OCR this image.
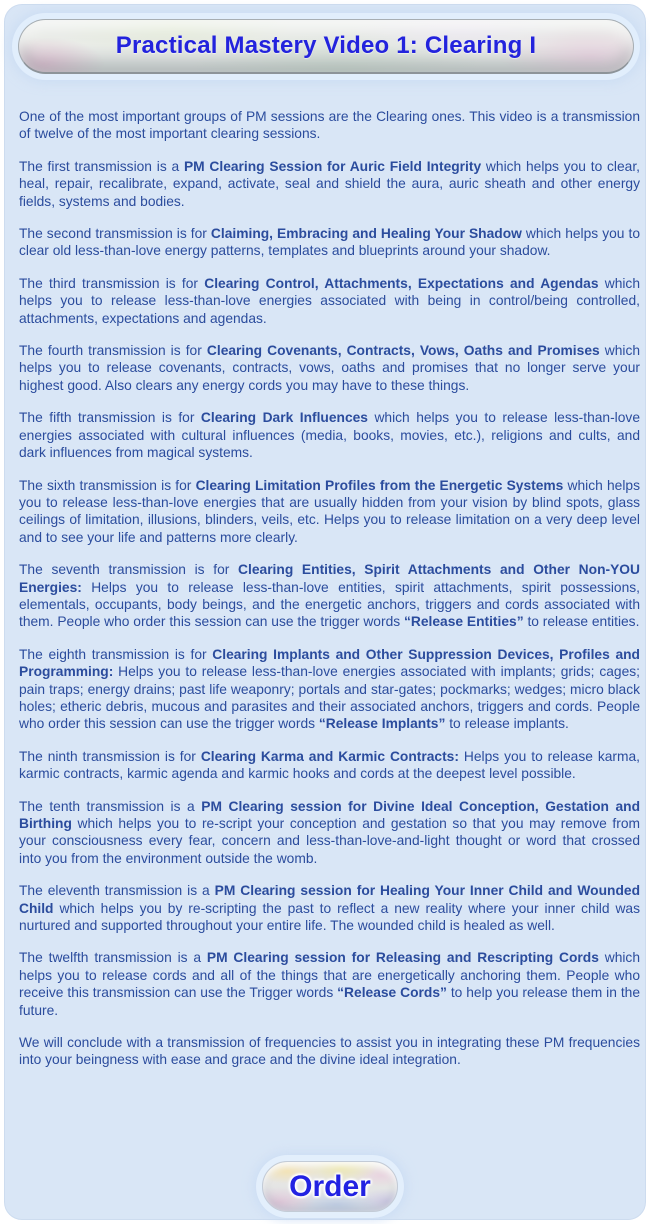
Practical Mastery Video 1: Clearing I

One of the most important groups of PM sessions are the Clearing ones. This video is a transmission of twelve of the most important clearing sessions.

The first transmission is a PM Clearing Session for Auric Field Integrity which helps you to clear, heal, repair, recalibrate, expand, activate, seal and shield the aura, auric sheath and other energy fields, systems and bodies.

The second transmission is for Claiming, Embracing and Healing Your Shadow which helps you to clear old less-than-love energy patterns, templates and blueprints around your shadow.

The third transmission is for Clearing Control, Attachments, Expectations and Agendas which helps you to release less-than-love energies associated with being in control/being controlled, attachments, expectations and agendas.

The fourth transmission is for Clearing Covenants, Contracts, Vows, Oaths and Promises which helps you to release covenants, contracts, vows, oaths and promises that no longer serve your highest good. Also clears any energy cords you may have to these things.

The fifth transmission is for Clearing Dark Influences which helps you to release less-than-love energies associated with cultural influences (media, books, movies, etc.), religions and cults, and dark influences from magical systems.

The sixth transmission is for Clearing Limitation Profiles from the Energetic Systems which helps you to release less-than-love energies that are usually hidden from your vision by blind spots, glass ceilings of limitation, illusions, blinders, veils, etc. Helps you to release limitation on a very deep level and to see your life and patterns more clearly.

The seventh transmission is for Clearing Entities, Spirit Attachments and Other Non-YOU Energies: Helps you to release less-than-love entities, spirit attachments, spirit possessions, elementals, occupants, body beings, and the energetic anchors, triggers and cords associated with them. People who order this session can use the trigger words “Release Entities” to release entities.

The eighth transmission is for Clearing Implants and Other Suppression Devices, Profiles and Programming: Helps you to release less-than-love energies associated with implants; grids; cages; pain traps; energy drains; past life weaponry; portals and star-gates; pockmarks; wedges; micro black holes; etheric debris, mucous and parasites and their associated anchors, triggers and cords. People who order this session can use the trigger words “Release Implants” to release implants.

The ninth transmission is for Clearing Karma and Karmic Contracts: Helps you to release karma, karmic contracts, karmic agenda and karmic hooks and cords at the deepest level possible.

The tenth transmission is a PM Clearing session for Divine Ideal Conception, Gestation and Birthing which helps you to re-script your conception and gestation so that you may remove from your consciousness every fear, concern and less-than-love-and-light thought or word that crossed into you from the environment outside the womb.

The eleventh transmission is a PM Clearing session for Healing Your Inner Child and Wounded Child which helps you by re-scripting the past to reflect a new reality where your inner child was nurtured and supported throughout your entire life. The wounded child is healed as well.

The twelfth transmission is a PM Clearing session for Releasing and Rescripting Cords which helps you to release cords and all of the things that are energetically anchoring them. People who receive this transmission can use the Trigger words “Release Cords” to help you release them in the future.

We will conclude with a transmission of frequencies to assist you in integrating these PM frequencies into your beingness with ease and grace and the divine ideal integration.

Order
